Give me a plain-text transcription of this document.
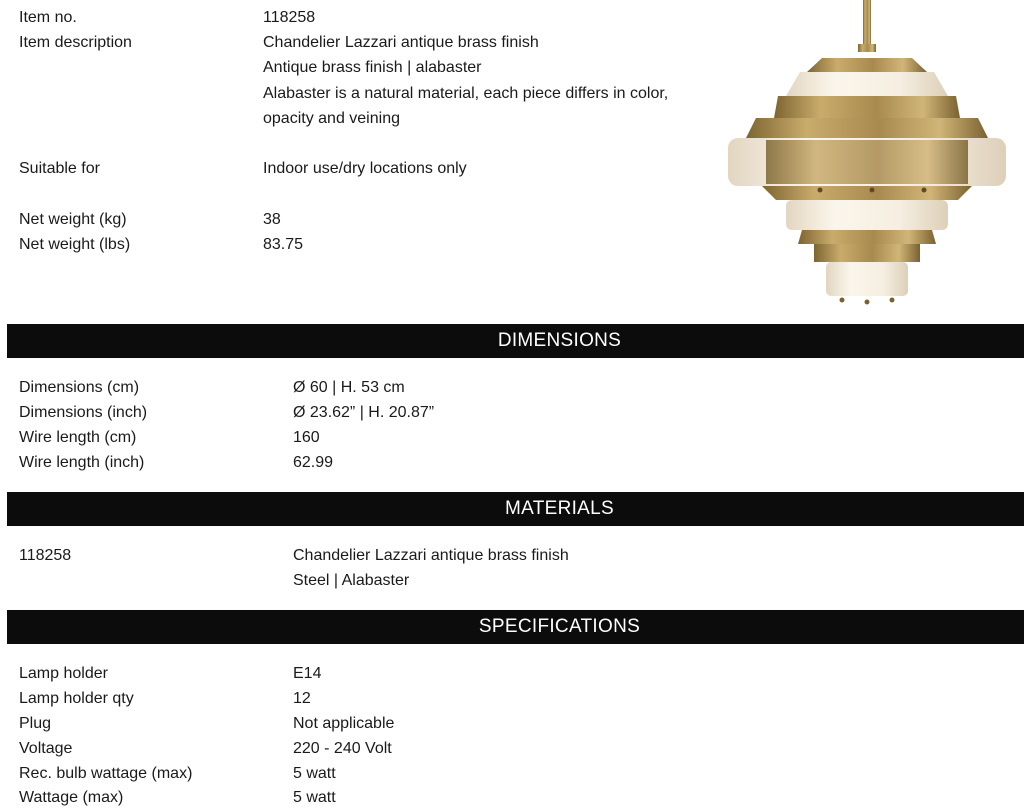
Item no.	118258
Item description	Chandelier Lazzari antique brass finish
Antique brass finish | alabaster
Alabaster is a natural material, each piece differs in color,
opacity and veining
Suitable for	Indoor use/dry locations only
Net weight (kg)	38
Net weight (lbs)	83.75
DIMENSIONS
Dimensions (cm)	Ø 60 | H. 53 cm
Dimensions (inch)	Ø 23.62” | H. 20.87”
Wire length (cm)	160
Wire length (inch)	62.99
MATERIALS
118258	Chandelier Lazzari antique brass finish
Steel | Alabaster
SPECIFICATIONS
Lamp holder	E14
Lamp holder qty	12
Plug	Not applicable
Voltage	220 - 240 Volt
Rec. bulb wattage (max)	5 watt
Wattage (max)	5 watt
